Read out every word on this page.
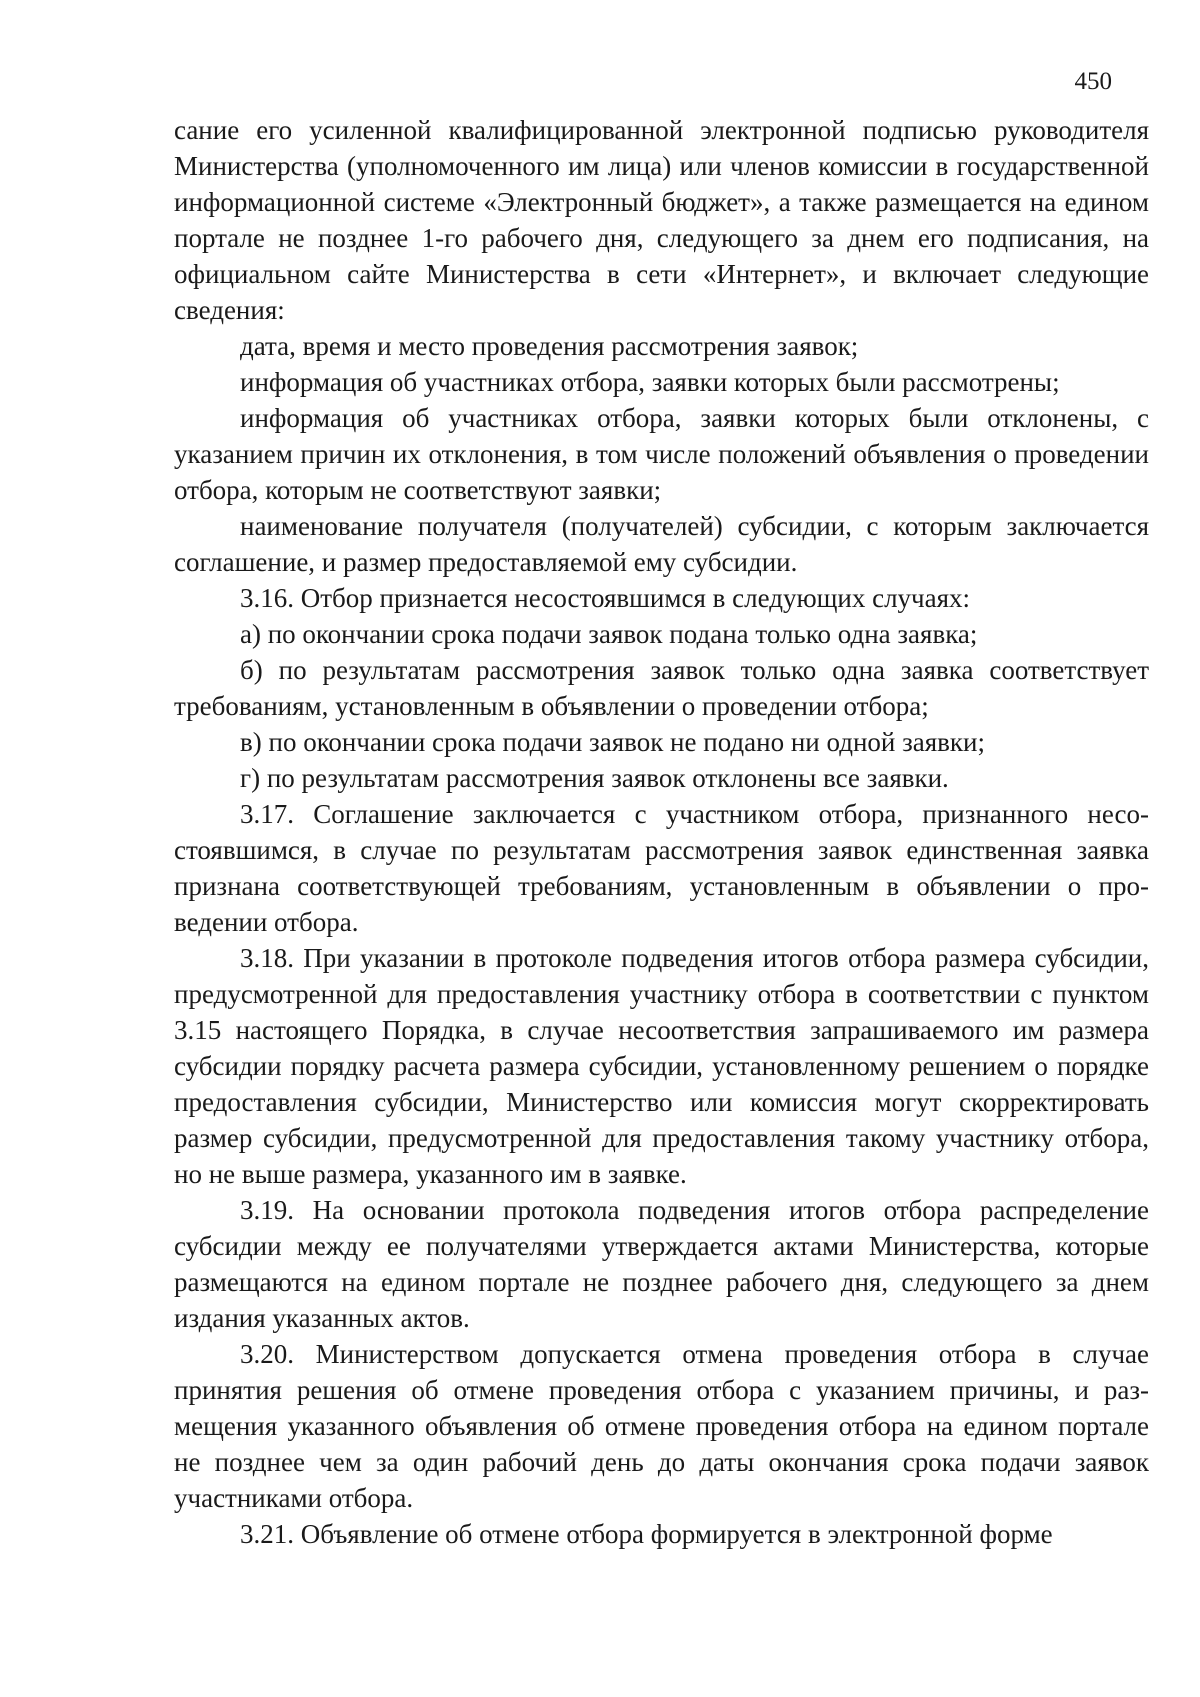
450

сание его усиленной квалифицированной электронной подписью руководителя Министерства (уполномоченного им лица) или членов комиссии в государственной информационной системе «Электронный бюджет», а также размещается на едином портале не позднее 1-го рабочего дня, следующего за днем его подписания, на официальном сайте Министерства в сети «Интернет», и включает следующие сведения:

дата, время и место проведения рассмотрения заявок;

информация об участниках отбора, заявки которых были рассмотрены;

информация об участниках отбора, заявки которых были отклонены, с указанием причин их отклонения, в том числе положений объявления о проведении отбора, которым не соответствуют заявки;

наименование получателя (получателей) субсидии, с которым заключается соглашение, и размер предоставляемой ему субсидии.

3.16. Отбор признается несостоявшимся в следующих случаях:

а) по окончании срока подачи заявок подана только одна заявка;

б) по результатам рассмотрения заявок только одна заявка соответствует требованиям, установленным в объявлении о проведении отбора;

в) по окончании срока подачи заявок не подано ни одной заявки;

г) по результатам рассмотрения заявок отклонены все заявки.

3.17. Соглашение заключается с участником отбора, признанного несостоявшимся, в случае по результатам рассмотрения заявок единственная заявка признана соответствующей требованиям, установленным в объявлении о проведении отбора.

3.18. При указании в протоколе подведения итогов отбора размера субсидии, предусмотренной для предоставления участнику отбора в соответствии с пунктом 3.15 настоящего Порядка, в случае несоответствия запрашиваемого им размера субсидии порядку расчета размера субсидии, установленному решением о порядке предоставления субсидии, Министерство или комиссия могут скорректировать размер субсидии, предусмотренной для предоставления такому участнику отбора, но не выше размера, указанного им в заявке.

3.19. На основании протокола подведения итогов отбора распределение субсидии между ее получателями утверждается актами Министерства, которые размещаются на едином портале не позднее рабочего дня, следующего за днем издания указанных актов.

3.20. Министерством допускается отмена проведения отбора в случае принятия решения об отмене проведения отбора с указанием причины, и размещения указанного объявления об отмене проведения отбора на едином портале не позднее чем за один рабочий день до даты окончания срока подачи заявок участниками отбора.

3.21. Объявление об отмене отбора формируется в электронной форме
